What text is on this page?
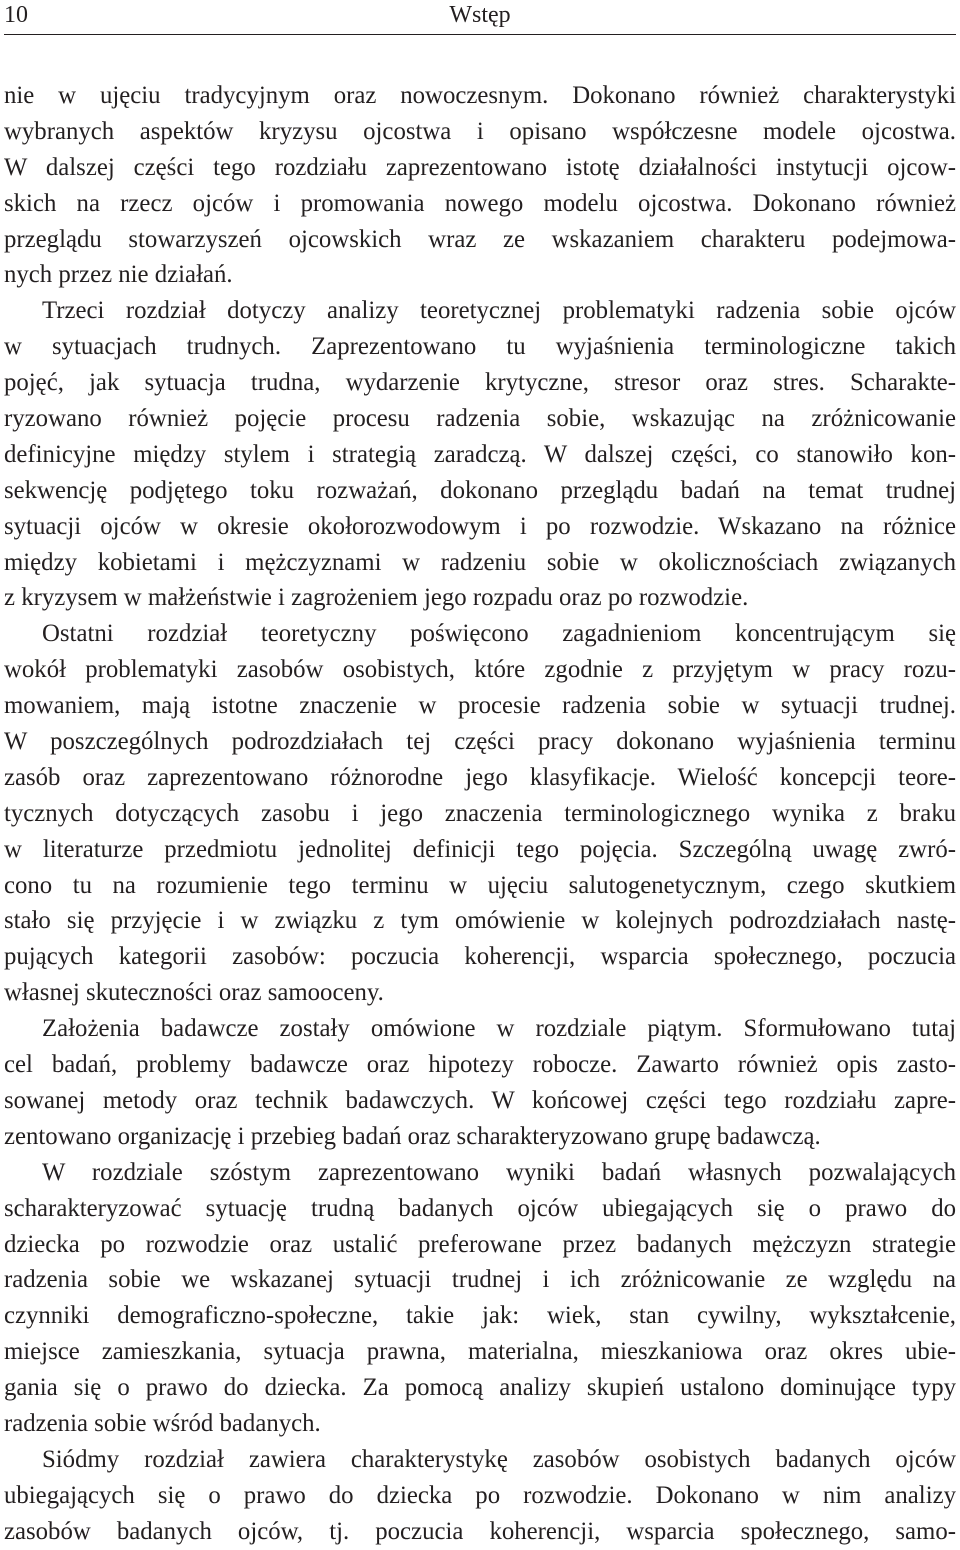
10	Wstęp
nie w ujęciu tradycyjnym oraz nowoczesnym. Dokonano również charakterystyki
wybranych aspektów kryzysu ojcostwa i opisano współczesne modele ojcostwa.
W dalszej części tego rozdziału zaprezentowano istotę działalności instytucji ojcow-
skich na rzecz ojców i promowania nowego modelu ojcostwa. Dokonano również
przeglądu stowarzyszeń ojcowskich wraz ze wskazaniem charakteru podejmowa-
nych przez nie działań.
Trzeci rozdział dotyczy analizy teoretycznej problematyki radzenia sobie ojców
w sytuacjach trudnych. Zaprezentowano tu wyjaśnienia terminologiczne takich
pojęć, jak sytuacja trudna, wydarzenie krytyczne, stresor oraz stres. Scharakte-
ryzowano również pojęcie procesu radzenia sobie, wskazując na zróżnicowanie
definicyjne między stylem i strategią zaradczą. W dalszej części, co stanowiło kon-
sekwencję podjętego toku rozważań, dokonano przeglądu badań na temat trudnej
sytuacji ojców w okresie okołorozwodowym i po rozwodzie. Wskazano na różnice
między kobietami i mężczyznami w radzeniu sobie w okolicznościach związanych
z kryzysem w małżeństwie i zagrożeniem jego rozpadu oraz po rozwodzie.
Ostatni rozdział teoretyczny poświęcono zagadnieniom koncentrującym się
wokół problematyki zasobów osobistych, które zgodnie z przyjętym w pracy rozu-
mowaniem, mają istotne znaczenie w procesie radzenia sobie w sytuacji trudnej.
W poszczególnych podrozdziałach tej części pracy dokonano wyjaśnienia terminu
zasób oraz zaprezentowano różnorodne jego klasyfikacje. Wielość koncepcji teore-
tycznych dotyczących zasobu i jego znaczenia terminologicznego wynika z braku
w literaturze przedmiotu jednolitej definicji tego pojęcia. Szczególną uwagę zwró-
cono tu na rozumienie tego terminu w ujęciu salutogenetycznym, czego skutkiem
stało się przyjęcie i w związku z tym omówienie w kolejnych podrozdziałach nastę-
pujących kategorii zasobów: poczucia koherencji, wsparcia społecznego, poczucia
własnej skuteczności oraz samooceny.
Założenia badawcze zostały omówione w rozdziale piątym. Sformułowano tutaj
cel badań, problemy badawcze oraz hipotezy robocze. Zawarto również opis zasto-
sowanej metody oraz technik badawczych. W końcowej części tego rozdziału zapre-
zentowano organizację i przebieg badań oraz scharakteryzowano grupę badawczą.
W rozdziale szóstym zaprezentowano wyniki badań własnych pozwalających
scharakteryzować sytuację trudną badanych ojców ubiegających się o prawo do
dziecka po rozwodzie oraz ustalić preferowane przez badanych mężczyzn strategie
radzenia sobie we wskazanej sytuacji trudnej i ich zróżnicowanie ze względu na
czynniki demograficzno-społeczne, takie jak: wiek, stan cywilny, wykształcenie,
miejsce zamieszkania, sytuacja prawna, materialna, mieszkaniowa oraz okres ubie-
gania się o prawo do dziecka. Za pomocą analizy skupień ustalono dominujące typy
radzenia sobie wśród badanych.
Siódmy rozdział zawiera charakterystykę zasobów osobistych badanych ojców
ubiegających się o prawo do dziecka po rozwodzie. Dokonano w nim analizy
zasobów badanych ojców, tj. poczucia koherencji, wsparcia społecznego, samo-
